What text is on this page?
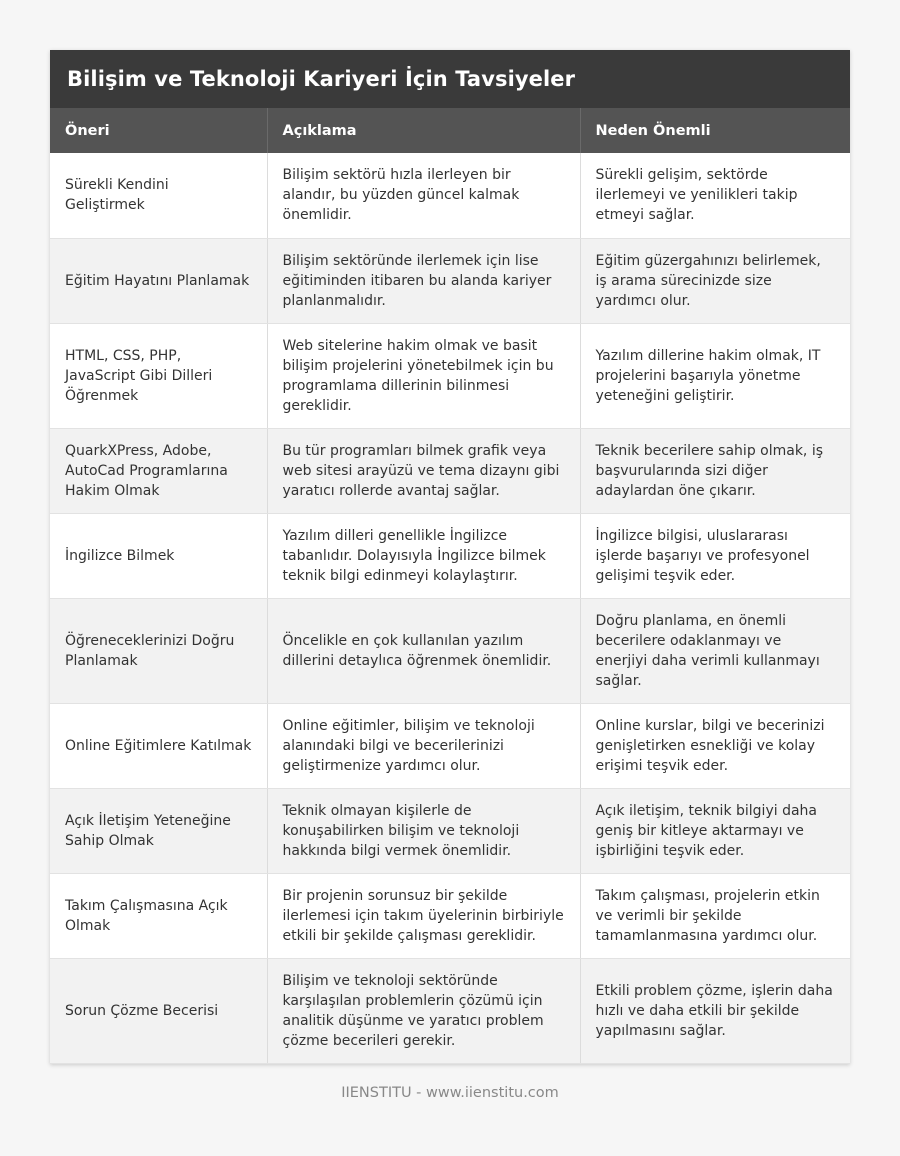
Bilişim ve Teknoloji Kariyeri İçin Tavsiyeler
Öneri	Açıklama	Neden Önemli
Sürekli Kendini Geliştirmek	Bilişim sektörü hızla ilerleyen bir alandır, bu yüzden güncel kalmak önemlidir.	Sürekli gelişim, sektörde ilerlemeyi ve yenilikleri takip etmeyi sağlar.
Eğitim Hayatını Planlamak	Bilişim sektöründe ilerlemek için lise eğitiminden itibaren bu alanda kariyer planlanmalıdır.	Eğitim güzergahınızı belirlemek, iş arama sürecinizde size yardımcı olur.
HTML, CSS, PHP, JavaScript Gibi Dilleri Öğrenmek	Web sitelerine hakim olmak ve basit bilişim projelerini yönetebilmek için bu programlama dillerinin bilinmesi gereklidir.	Yazılım dillerine hakim olmak, IT projelerini başarıyla yönetme yeteneğini geliştirir.
QuarkXPress, Adobe, AutoCad Programlarına Hakim Olmak	Bu tür programları bilmek grafik veya web sitesi arayüzü ve tema dizaynı gibi yaratıcı rollerde avantaj sağlar.	Teknik becerilere sahip olmak, iş başvurularında sizi diğer adaylardan öne çıkarır.
İngilizce Bilmek	Yazılım dilleri genellikle İngilizce tabanlıdır. Dolayısıyla İngilizce bilmek teknik bilgi edinmeyi kolaylaştırır.	İngilizce bilgisi, uluslararası işlerde başarıyı ve profesyonel gelişimi teşvik eder.
Öğreneceklerinizi Doğru Planlamak	Öncelikle en çok kullanılan yazılım dillerini detaylıca öğrenmek önemlidir.	Doğru planlama, en önemli becerilere odaklanmayı ve enerjiyi daha verimli kullanmayı sağlar.
Online Eğitimlere Katılmak	Online eğitimler, bilişim ve teknoloji alanındaki bilgi ve becerilerinizi geliştirmenize yardımcı olur.	Online kurslar, bilgi ve becerinizi genişletirken esnekliği ve kolay erişimi teşvik eder.
Açık İletişim Yeteneğine Sahip Olmak	Teknik olmayan kişilerle de konuşabilirken bilişim ve teknoloji hakkında bilgi vermek önemlidir.	Açık iletişim, teknik bilgiyi daha geniş bir kitleye aktarmayı ve işbirliğini teşvik eder.
Takım Çalışmasına Açık Olmak	Bir projenin sorunsuz bir şekilde ilerlemesi için takım üyelerinin birbiriyle etkili bir şekilde çalışması gereklidir.	Takım çalışması, projelerin etkin ve verimli bir şekilde tamamlanmasına yardımcı olur.
Sorun Çözme Becerisi	Bilişim ve teknoloji sektöründe karşılaşılan problemlerin çözümü için analitik düşünme ve yaratıcı problem çözme becerileri gerekir.	Etkili problem çözme, işlerin daha hızlı ve daha etkili bir şekilde yapılmasını sağlar.
IIENSTITU - www.iienstitu.com
